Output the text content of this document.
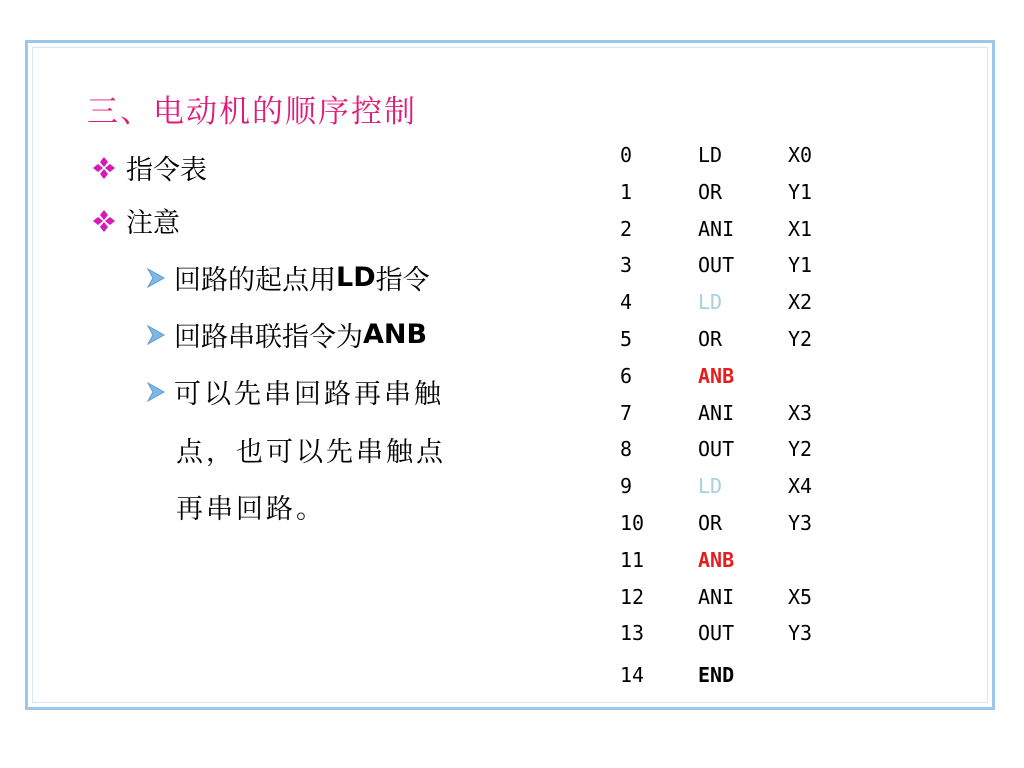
三、电动机的顺序控制
指令表
注意
回路的起点用 LD 指令
回路串联指令为 ANB
可以先串回路再串触
点，也可以先串触点
再串回路。
0	LD	X0
1	OR	Y1
2	ANI	X1
3	OUT	Y1
4	LD	X2
5	OR	Y2
6	ANB
7	ANI	X3
8	OUT	Y2
9	LD	X4
10	OR	Y3
11	ANB
12	ANI	X5
13	OUT	Y3
14	END
